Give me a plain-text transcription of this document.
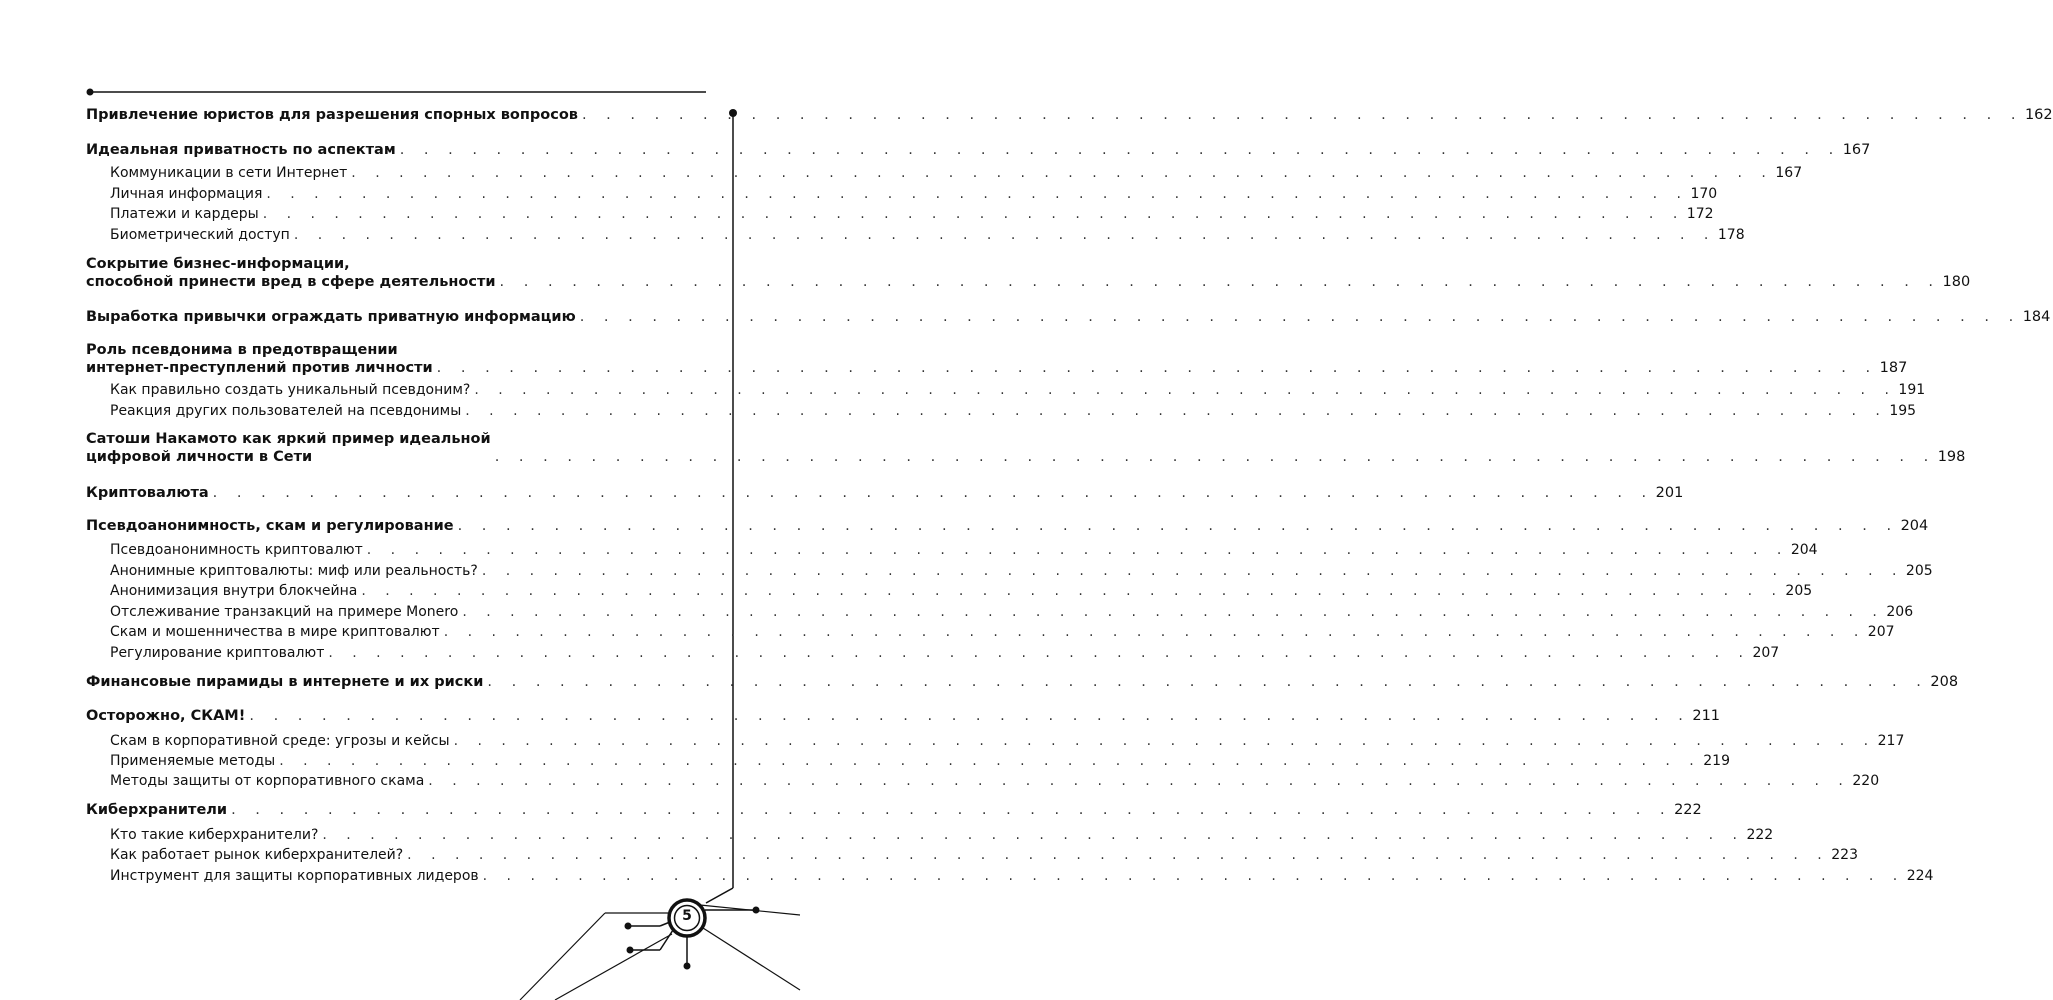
5
Привлечение юристов для разрешения спорных вопросов . . . . . . . . . . . . . . . . . . . . . . . . . . . . . . . . . . . . . . . . . . . . . . . . . . . . . . . . . . . . 162
Идеальная приватность по аспектам . . . . . . . . . . . . . . . . . . . . . . . . . . . . . . . . . . . . . . . . . . . . . . . . . . . . . . . . . . . . 167
Коммуникации в сети Интернет . . . . . . . . . . . . . . . . . . . . . . . . . . . . . . . . . . . . . . . . . . . . . . . . . . . . . . . . . . . . 167
Личная информация . . . . . . . . . . . . . . . . . . . . . . . . . . . . . . . . . . . . . . . . . . . . . . . . . . . . . . . . . . . . 170
Платежи и кардеры . . . . . . . . . . . . . . . . . . . . . . . . . . . . . . . . . . . . . . . . . . . . . . . . . . . . . . . . . . . . 172
Биометрический доступ . . . . . . . . . . . . . . . . . . . . . . . . . . . . . . . . . . . . . . . . . . . . . . . . . . . . . . . . . . . . 178
Сокрытие бизнес-информации,
способной принести вред в сфере деятельности . . . . . . . . . . . . . . . . . . . . . . . . . . . . . . . . . . . . . . . . . . . . . . . . . . . . . . . . . . . . 180
Выработка привычки ограждать приватную информацию . . . . . . . . . . . . . . . . . . . . . . . . . . . . . . . . . . . . . . . . . . . . . . . . . . . . . . . . . . . . 184
Роль псевдонима в предотвращении
интернет-преступлений против личности . . . . . . . . . . . . . . . . . . . . . . . . . . . . . . . . . . . . . . . . . . . . . . . . . . . . . . . . . . . . 187
Как правильно создать уникальный псевдоним? . . . . . . . . . . . . . . . . . . . . . . . . . . . . . . . . . . . . . . . . . . . . . . . . . . . . . . . . . . . . 191
Реакция других пользователей на псевдонимы . . . . . . . . . . . . . . . . . . . . . . . . . . . . . . . . . . . . . . . . . . . . . . . . . . . . . . . . . . . . 195
Сатоши Накамото как яркий пример идеальной
цифровой личности в Сети	. . . . . . . . . . . . . . . . . . . . . . . . . . . . . . . . . . . . . . . . . . . . . . . . . . . . . . . . . . . . 198
Криптовалюта . . . . . . . . . . . . . . . . . . . . . . . . . . . . . . . . . . . . . . . . . . . . . . . . . . . . . . . . . . . . 201
Псевдоанонимность, скам и регулирование . . . . . . . . . . . . . . . . . . . . . . . . . . . . . . . . . . . . . . . . . . . . . . . . . . . . . . . . . . . . 204
Псевдоанонимность криптовалют . . . . . . . . . . . . . . . . . . . . . . . . . . . . . . . . . . . . . . . . . . . . . . . . . . . . . . . . . . . . 204
Анонимные криптовалюты: миф или реальность? . . . . . . . . . . . . . . . . . . . . . . . . . . . . . . . . . . . . . . . . . . . . . . . . . . . . . . . . . . . . 205
Анонимизация внутри блокчейна . . . . . . . . . . . . . . . . . . . . . . . . . . . . . . . . . . . . . . . . . . . . . . . . . . . . . . . . . . . . 205
Отслеживание транзакций на примере Monero . . . . . . . . . . . . . . . . . . . . . . . . . . . . . . . . . . . . . . . . . . . . . . . . . . . . . . . . . . . . 206
Скам и мошенничества в мире криптовалют . . . . . . . . . . . . . . . . . . . . . . . . . . . . . . . . . . . . . . . . . . . . . . . . . . . . . . . . . . . . 207
Регулирование криптовалют . . . . . . . . . . . . . . . . . . . . . . . . . . . . . . . . . . . . . . . . . . . . . . . . . . . . . . . . . . . . 207
Финансовые пирамиды в интернете и их риски . . . . . . . . . . . . . . . . . . . . . . . . . . . . . . . . . . . . . . . . . . . . . . . . . . . . . . . . . . . . 208
Осторожно, СКАМ! . . . . . . . . . . . . . . . . . . . . . . . . . . . . . . . . . . . . . . . . . . . . . . . . . . . . . . . . . . . . 211
Скам в корпоративной среде: угрозы и кейсы . . . . . . . . . . . . . . . . . . . . . . . . . . . . . . . . . . . . . . . . . . . . . . . . . . . . . . . . . . . . 217
Применяемые методы . . . . . . . . . . . . . . . . . . . . . . . . . . . . . . . . . . . . . . . . . . . . . . . . . . . . . . . . . . . . 219
Методы защиты от корпоративного скама . . . . . . . . . . . . . . . . . . . . . . . . . . . . . . . . . . . . . . . . . . . . . . . . . . . . . . . . . . . . 220
Киберхранители . . . . . . . . . . . . . . . . . . . . . . . . . . . . . . . . . . . . . . . . . . . . . . . . . . . . . . . . . . . . 222
Кто такие киберхранители? . . . . . . . . . . . . . . . . . . . . . . . . . . . . . . . . . . . . . . . . . . . . . . . . . . . . . . . . . . . . 222
Как работает рынок киберхранителей? . . . . . . . . . . . . . . . . . . . . . . . . . . . . . . . . . . . . . . . . . . . . . . . . . . . . . . . . . . . . 223
Инструмент для защиты корпоративных лидеров . . . . . . . . . . . . . . . . . . . . . . . . . . . . . . . . . . . . . . . . . . . . . . . . . . . . . . . . . . . . 224
